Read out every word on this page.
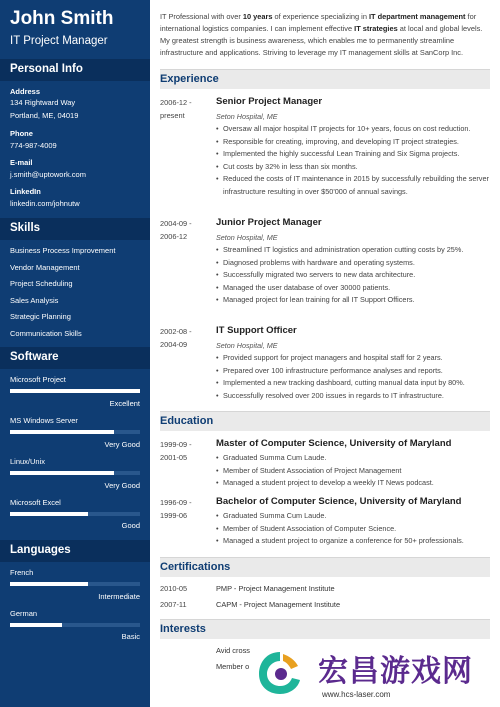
John Smith
IT Project Manager
Personal Info
Address
134 Rightward Way
Portland, ME, 04019
Phone
774-987-4009
E-mail
j.smith@uptowork.com
LinkedIn
linkedin.com/johnutw
Skills
Business Process Improvement
Vendor Management
Project Scheduling
Sales Analysis
Strategic Planning
Communication Skills
Software
Microsoft Project
Excellent
MS Windows Server
Very Good
Linux/Unix
Very Good
Microsoft Excel
Good
Languages
French
Intermediate
German
Basic
IT Professional with over 10 years of experience specializing in IT department management for international logistics companies. I can implement effective IT strategies at local and global levels. My greatest strength is business awareness, which enables me to permanently streamline infrastructure and applications. Striving to leverage my IT management skills at SanCorp Inc.
Experience
2006-12 -
present
Senior Project Manager
Seton Hospital, ME
• Oversaw all major hospital IT projects for 10+ years, focus on cost reduction.
• Responsible for creating, improving, and developing IT project strategies.
• Implemented the highly successful Lean Training and Six Sigma projects.
• Cut costs by 32% in less than six months.
• Reduced the costs of IT maintenance in 2015 by successfully rebuilding the server infrastructure resulting in over $50'000 of annual savings.
2004-09 -
2006-12
Junior Project Manager
Seton Hospital, ME
• Streamlined IT logistics and administration operation cutting costs by 25%.
• Diagnosed problems with hardware and operating systems.
• Successfully migrated two servers to new data architecture.
• Managed the user database of over 30000 patients.
• Managed project for lean training for all IT Support Officers.
2002-08 -
2004-09
IT Support Officer
Seton Hospital, ME
• Provided support for project managers and hospital staff for 2 years.
• Prepared over 100 infrastructure performance analyses and reports.
• Implemented a new tracking dashboard, cutting manual data input by 80%.
• Successfully resolved over 200 issues in regards to IT infrastructure.
Education
1999-09 -
2001-05
Master of Computer Science, University of Maryland
• Graduated Summa Cum Laude.
• Member of Student Association of Project Management
• Managed a student project to develop a weekly IT News podcast.
1996-09 -
1999-06
Bachelor of Computer Science, University of Maryland
• Graduated Summa Cum Laude.
• Member of Student Association of Computer Science.
• Managed a student project to organize a conference for 50+ professionals.
Certifications
2010-05	PMP - Project Management Institute
2007-11	CAPM - Project Management Institute
Interests
Avid cross
Member o 宏昌游戏网
www.hcs-laser.com
